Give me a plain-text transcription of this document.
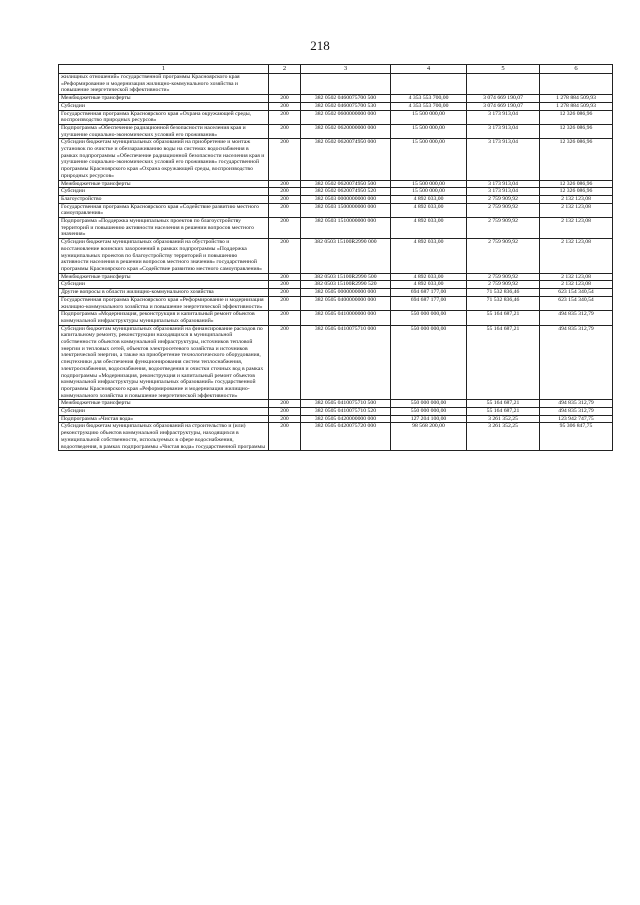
218
1	2	3	4	5	6
жилищных отношений» государственной программы Красноярского края «Реформирование и модернизация жилищно-коммунального хозяйства и повышение энергетической эффективности»					
Межбюджетные трансферты	200	382 0502 0460075700 500	4 353 553 700,00	3 074 669 190,07	1 278 884 509,93
Субсидии	200	382 0502 0460075700 530	4 353 553 700,00	3 074 669 190,07	1 278 884 509,93
Государственная программа Красноярского края «Охрана окружающей среды, воспроизводство природных ресурсов»	200	382 0502 0600000000 000	15 500 000,00	3 173 913,04	12 326 086,96
Подпрограмма «Обеспечение радиационной безопасности населения края и улучшение социально-экономических условий его проживания»	200	382 0502 0620000000 000	15 500 000,00	3 173 913,04	12 326 086,96
Субсидии бюджетам муниципальных образований на приобретение и монтаж установок по очистке и обеззараживанию воды на системах водоснабжения в рамках подпрограммы «Обеспечение радиационной безопасности населения края и улучшение социально-экономических условий его проживания» государственной программы Красноярского края «Охрана окружающей среды, воспроизводство природных ресурсов»	200	382 0502 0620074950 000	15 500 000,00	3 173 913,04	12 326 086,96
Межбюджетные трансферты	200	382 0502 0620074950 500	15 500 000,00	3 173 913,04	12 326 086,96
Субсидии	200	382 0502 0620074950 520	15 500 000,00	3 173 913,04	12 326 086,96
Благоустройство	200	382 0503 0000000000 000	4 892 033,00	2 759 909,92	2 132 123,08
Государственная программа Красноярского края «Содействие развитию местного самоуправления»	200	382 0503 1500000000 000	4 892 033,00	2 759 909,92	2 132 123,08
Подпрограмма «Поддержка муниципальных проектов по благоустройству территорий и повышению активности населения в решении вопросов местного значения»	200	382 0503 1510000000 000	4 892 033,00	2 759 909,92	2 132 123,08
Субсидии бюджетам муниципальных образований на обустройство и восстановление воинских захоронений в рамках подпрограммы «Поддержка муниципальных проектов по благоустройству территорий и повышению активности населения в решении вопросов местного значения» государственной программы Красноярского края «Содействие развитию местного самоуправления»	200	382 0503 15100R2990 000	4 892 033,00	2 759 909,92	2 132 123,08
Межбюджетные трансферты	200	382 0503 15100R2990 500	4 892 033,00	2 759 909,92	2 132 123,08
Субсидии	200	382 0503 15100R2990 520	4 892 033,00	2 759 909,92	2 132 123,08
Другие вопросы в области жилищно-коммунального хозяйства	200	382 0505 0000000000 000	694 687 177,00	71 532 836,46	623 154 340,54
Государственная программа Красноярского края «Реформирование и модернизация жилищно-коммунального хозяйства и повышение энергетической эффективности»	200	382 0505 0400000000 000	694 687 177,00	71 532 836,46	623 154 340,54
Подпрограмма «Модернизация, реконструкция и капитальный ремонт объектов коммунальной инфраструктуры муниципальных образований»	200	382 0505 0410000000 000	550 000 000,00	55 164 687,21	494 835 312,79
Субсидии бюджетам муниципальных образований на финансирование расходов по капитальному ремонту, реконструкции находящихся в муниципальной собственности объектов коммунальной инфраструктуры, источников тепловой энергии и тепловых сетей, объектов электросетевого хозяйства и источников электрической энергии, а также на приобретение технологического оборудования, спецтехники для обеспечения функционирования систем теплоснабжения, электроснабжения, водоснабжения, водоотведения и очистки сточных вод в рамках подпрограммы «Модернизация, реконструкция и капитальный ремонт объектов коммунальной инфраструктуры муниципальных образований» государственной программы Красноярского края «Реформирование и модернизация жилищно-коммунального хозяйства и повышение энергетической эффективности»	200	382 0505 0410075710 000	550 000 000,00	55 164 687,21	494 835 312,79
Межбюджетные трансферты	200	382 0505 0410075710 500	550 000 000,00	55 164 687,21	494 835 312,79
Субсидии	200	382 0505 0410075710 520	550 000 000,00	55 164 687,21	494 835 312,79
Подпрограмма «Чистая вода»	200	382 0505 0420000000 000	127 204 100,00	3 261 352,25	123 942 747,75
Субсидии бюджетам муниципальных образований на строительство и (или) реконструкцию объектов коммунальной инфраструктуры, находящихся в муниципальной собственности, используемых в сфере водоснабжения, водоотведения, в рамках подпрограммы «Чистая вода» государственной программы	200	382 0505 0420075720 000	98 568 200,00	3 261 352,25	95 306 847,75
